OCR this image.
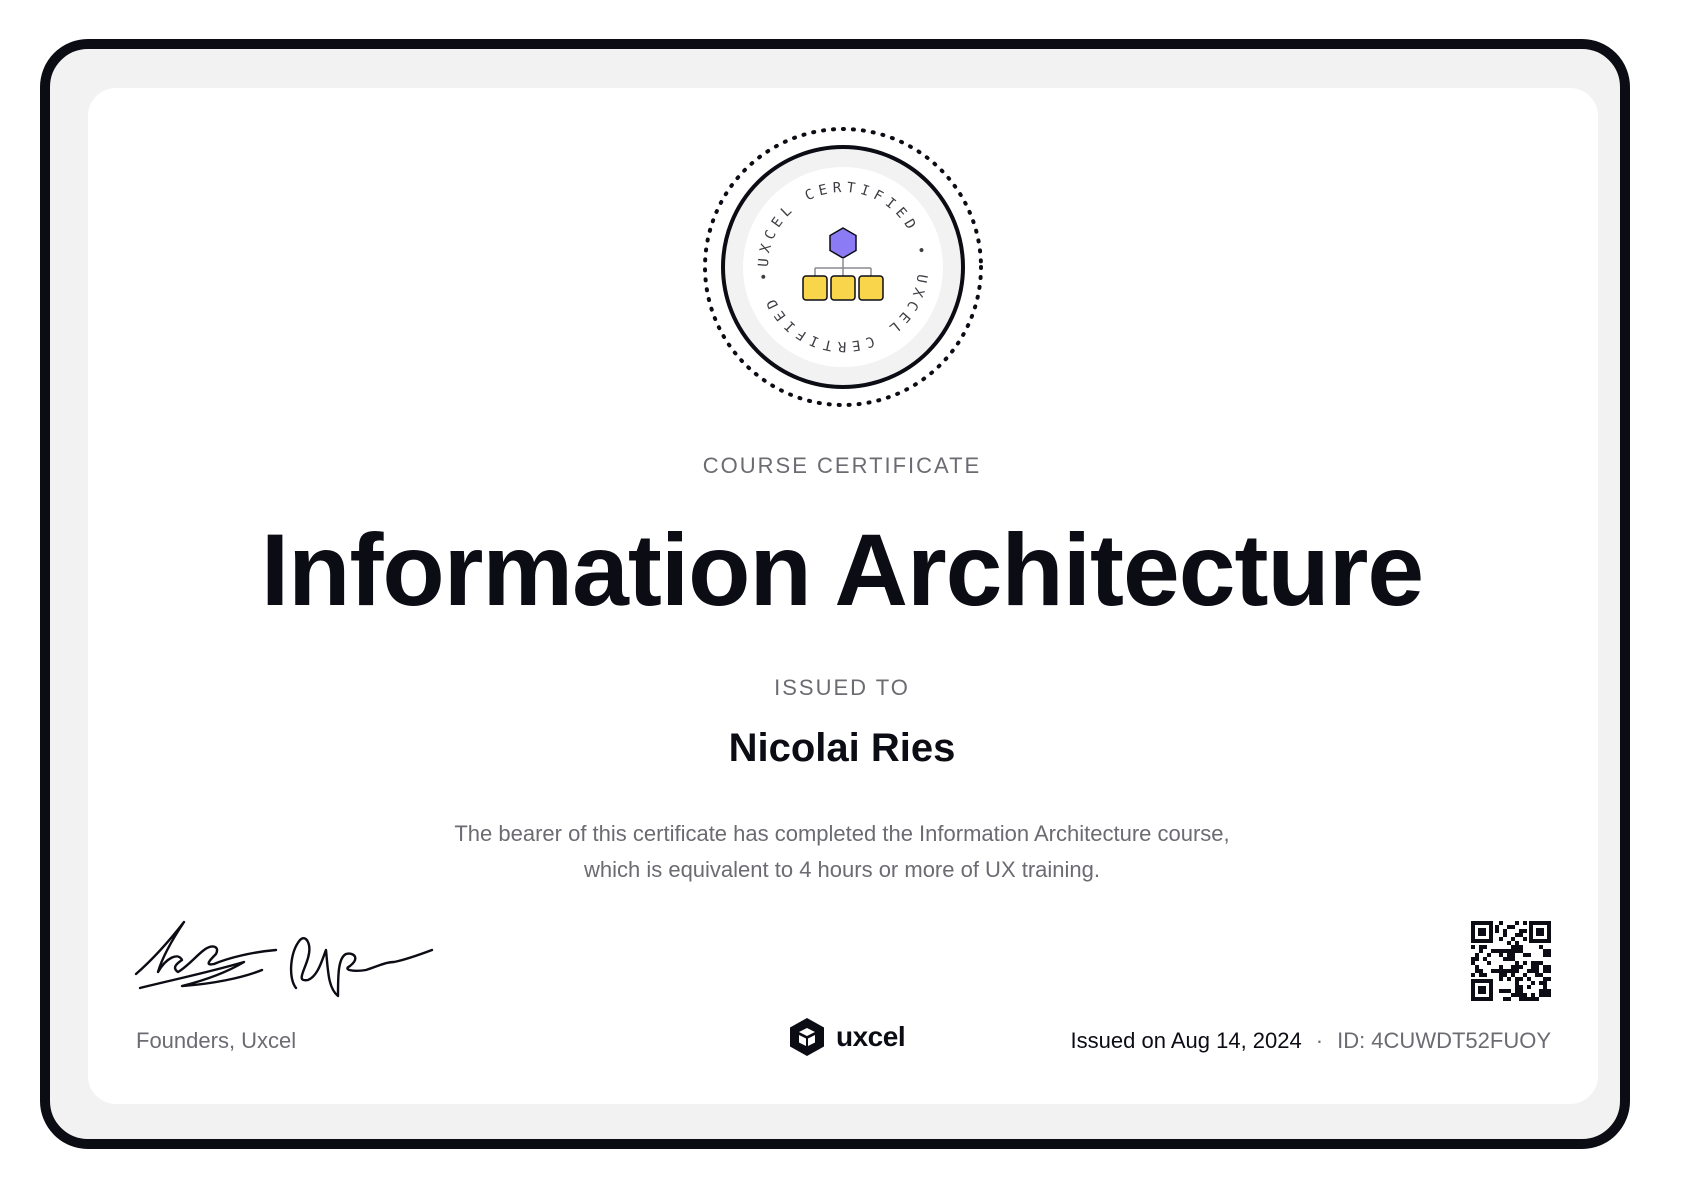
UXCEL CERTIFIED • UXCEL CERTIFIED •
COURSE CERTIFICATE
Information Architecture
ISSUED TO
Nicolai Ries
The bearer of this certificate has completed the Information Architecture course, which is equivalent to 4 hours or more of UX training.
Founders, Uxcel	uxcel	Issued on Aug 14, 2024 · ID: 4CUWDT52FUOY
